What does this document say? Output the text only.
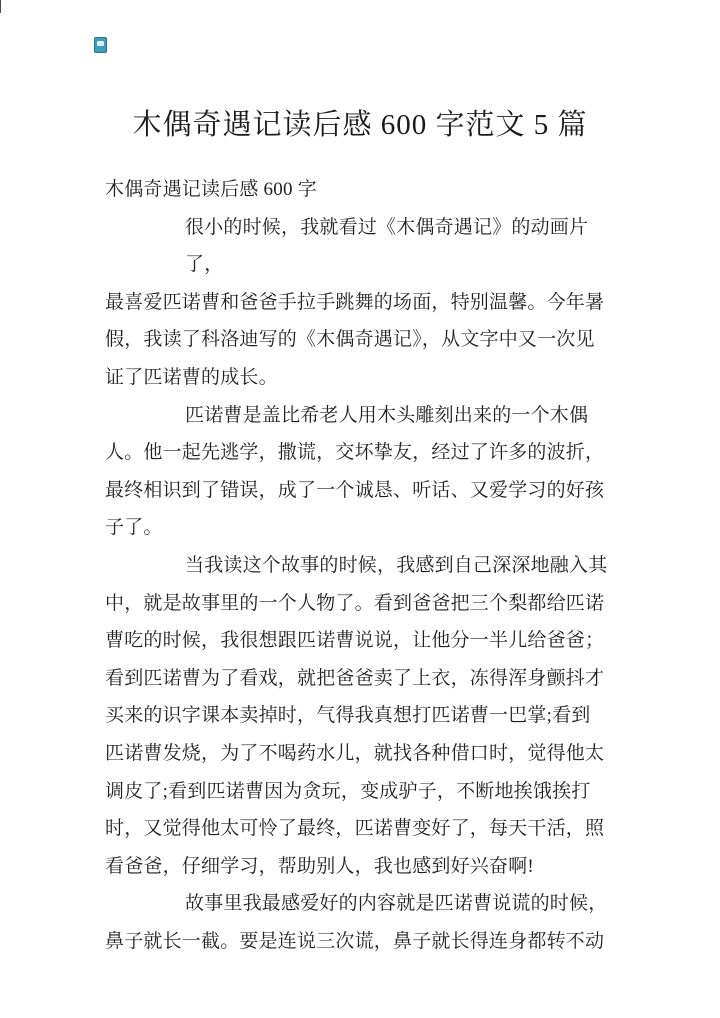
木偶奇遇记读后感 600 字范文 5 篇
木偶奇遇记读后感 600 字
很小的时候，我就看过《木偶奇遇记》的动画片了，
最喜爱匹诺曹和爸爸手拉手跳舞的场面，特别温馨。今年暑
假，我读了科洛迪写的《木偶奇遇记》，从文字中又一次见
证了匹诺曹的成长。
匹诺曹是盖比希老人用木头雕刻出来的一个木偶
人。他一起先逃学，撒谎，交坏挚友，经过了许多的波折，
最终相识到了错误，成了一个诚恳、听话、又爱学习的好孩
子了。
当我读这个故事的时候，我感到自己深深地融入其
中，就是故事里的一个人物了。看到爸爸把三个梨都给匹诺
曹吃的时候，我很想跟匹诺曹说说，让他分一半儿给爸爸；
看到匹诺曹为了看戏，就把爸爸卖了上衣，冻得浑身颤抖才
买来的识字课本卖掉时，气得我真想打匹诺曹一巴掌;看到
匹诺曹发烧，为了不喝药水儿，就找各种借口时，觉得他太
调皮了;看到匹诺曹因为贪玩，变成驴子，不断地挨饿挨打
时，又觉得他太可怜了最终，匹诺曹变好了，每天干活，照
看爸爸，仔细学习，帮助别人，我也感到好兴奋啊!
故事里我最感爱好的内容就是匹诺曹说谎的时候，
鼻子就长一截。要是连说三次谎，鼻子就长得连身都转不动
